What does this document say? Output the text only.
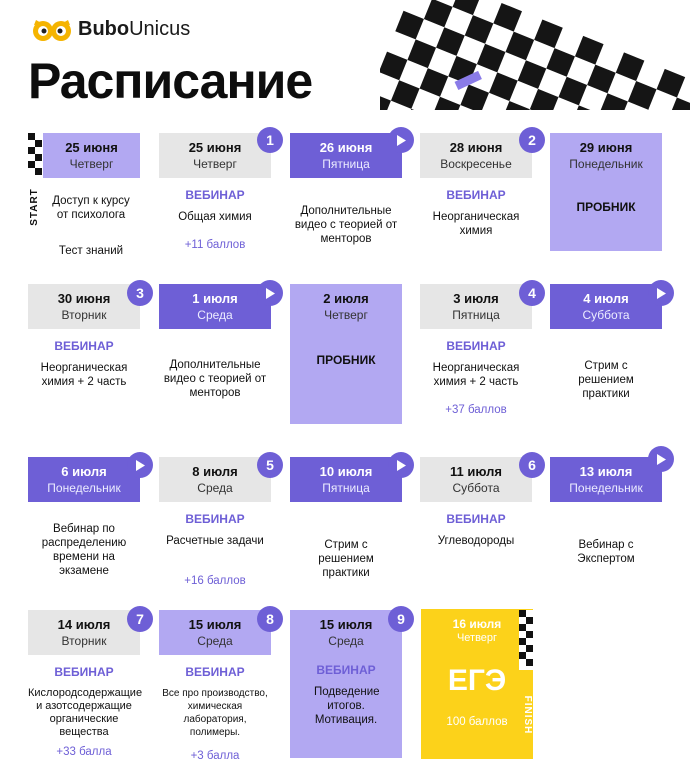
BuboUnicus
Расписание
START
25 июня
Четверг
Доступ к курсу
от психолога
Тест знаний
25 июня
Четверг
ВЕБИНАР
Общая химия
+11 баллов
1	26 июня
Пятница
Дополнительные видео с теорией от менторов
28 июня
Воскресенье
ВЕБИНАР
Неорганическая химия
2	29 июня
Понедельник
ПРОБНИК
30 июня
Вторник
ВЕБИНАР
Неорганическая химия + 2 часть
3	1 июля
Среда
Дополнительные видео с теорией от менторов
2 июля
Четверг
ПРОБНИК
3 июля
Пятница
ВЕБИНАР
Неорганическая химия + 2 часть
+37 баллов
4	4 июля
Суббота
Стрим с решением практики
6 июля
Понедельник
Вебинар по распределению времени на экзамене
8 июля
Среда
ВЕБИНАР
Расчетные задачи
+16 баллов
5	10 июля
Пятница
Стрим с решением практики
11 июля
Суббота
ВЕБИНАР
Углеводороды
6	13 июля
Понедельник
Вебинар с Экспертом
14 июля
Вторник
ВЕБИНАР
Кислородсодержащие и азотсодержащие органические вещества
+33 балла
7	15 июля
Среда
ВЕБИНАР
Все про производство, химическая лаборатория, полимеры.
+3 балла
8	15 июля
Среда
ВЕБИНАР
Подведение итогов. Мотивация.
9	16 июля
Четверг
ЕГЭ
100 баллов	FINISH
